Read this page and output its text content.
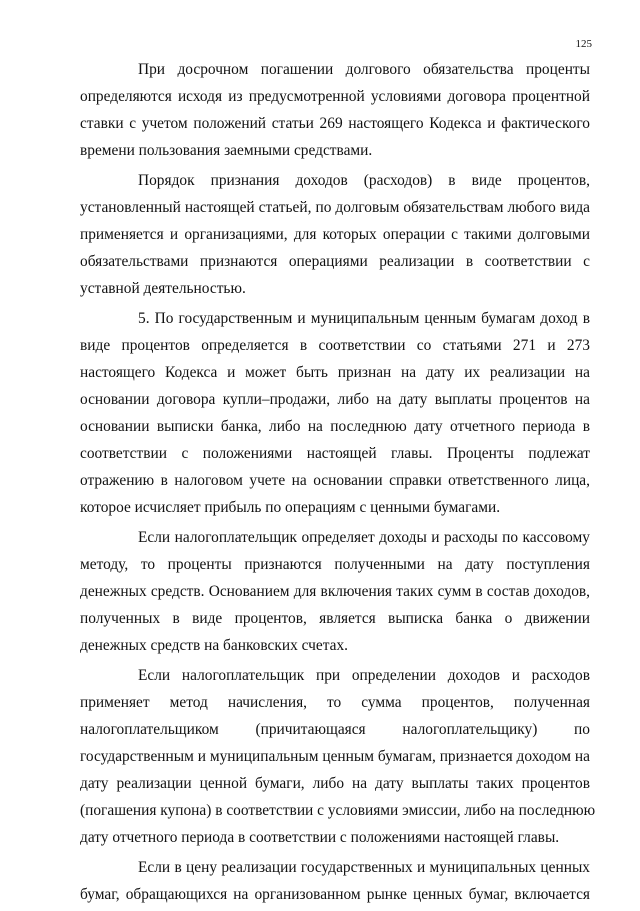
125

При досрочном погашении долгового обязательства проценты
определяются исходя из предусмотренной условиями договора процентной
ставки с учетом положений статьи 269 настоящего Кодекса и фактического
времени пользования заемными средствами.

Порядок признания доходов (расходов) в виде процентов,
установленный настоящей статьей, по долговым обязательствам любого вида
применяется и организациями, для которых операции с такими долговыми
обязательствами признаются операциями реализации в соответствии с
уставной деятельностью.

5. По государственным и муниципальным ценным бумагам доход в
виде процентов определяется в соответствии со статьями 271 и 273
настоящего Кодекса и может быть признан на дату их реализации на
основании договора купли–продажи, либо на дату выплаты процентов на
основании выписки банка, либо на последнюю дату отчетного периода в
соответствии с положениями настоящей главы. Проценты подлежат
отражению в налоговом учете на основании справки ответственного лица,
которое исчисляет прибыль по операциям с ценными бумагами.

Если налогоплательщик определяет доходы и расходы по кассовому
методу, то проценты признаются полученными на дату поступления
денежных средств. Основанием для включения таких сумм в состав доходов,
полученных в виде процентов, является выписка банка о движении
денежных средств на банковских счетах.

Если налогоплательщик при определении доходов и расходов
применяет метод начисления, то сумма процентов, полученная
налогоплательщиком (причитающаяся налогоплательщику) по
государственным и муниципальным ценным бумагам, признается доходом на
дату реализации ценной бумаги, либо на дату выплаты таких процентов
(погашения купона) в соответствии с условиями эмиссии, либо на последнюю
дату отчетного периода в соответствии с положениями настоящей главы.

Если в цену реализации государственных и муниципальных ценных
бумаг, обращающихся на организованном рынке ценных бумаг, включается
